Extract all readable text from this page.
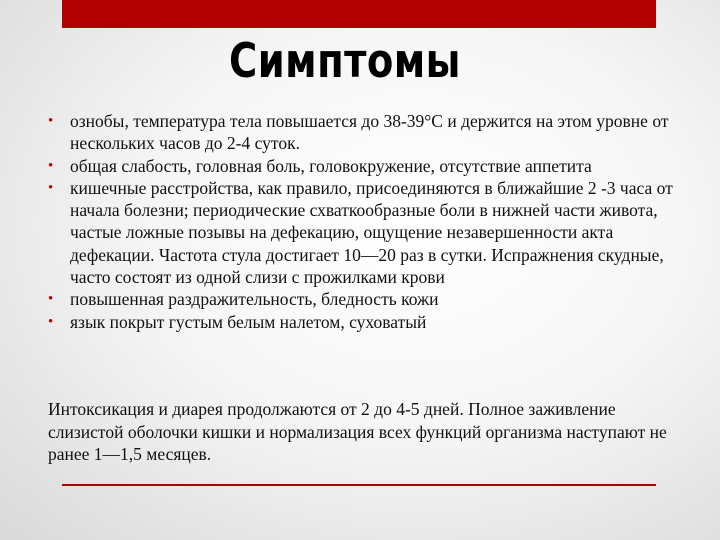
Симптомы
• ознобы, температура тела повышается до 38-39°С и держится на этом уровне от нескольких часов до 2-4 суток.
• общая слабость, головная боль, головокружение, отсутствие аппетита
• кишечные расстройства, как правило, присоединяются в ближайшие 2 -3 часа от начала болезни; периодические схваткообразные боли в нижней части живота, частые ложные позывы на дефекацию, ощущение незавершенности акта дефекации. Частота стула достигает 10—20 раз в сутки. Испражнения скудные, часто состоят из одной слизи с прожилками крови
• повышенная раздражительность, бледность кожи
• язык покрыт густым белым налетом, суховатый

Интоксикация и диарея продолжаются от 2 до 4-5 дней. Полное заживление слизистой оболочки кишки и нормализация всех функций организма наступают не ранее 1—1,5 месяцев.
